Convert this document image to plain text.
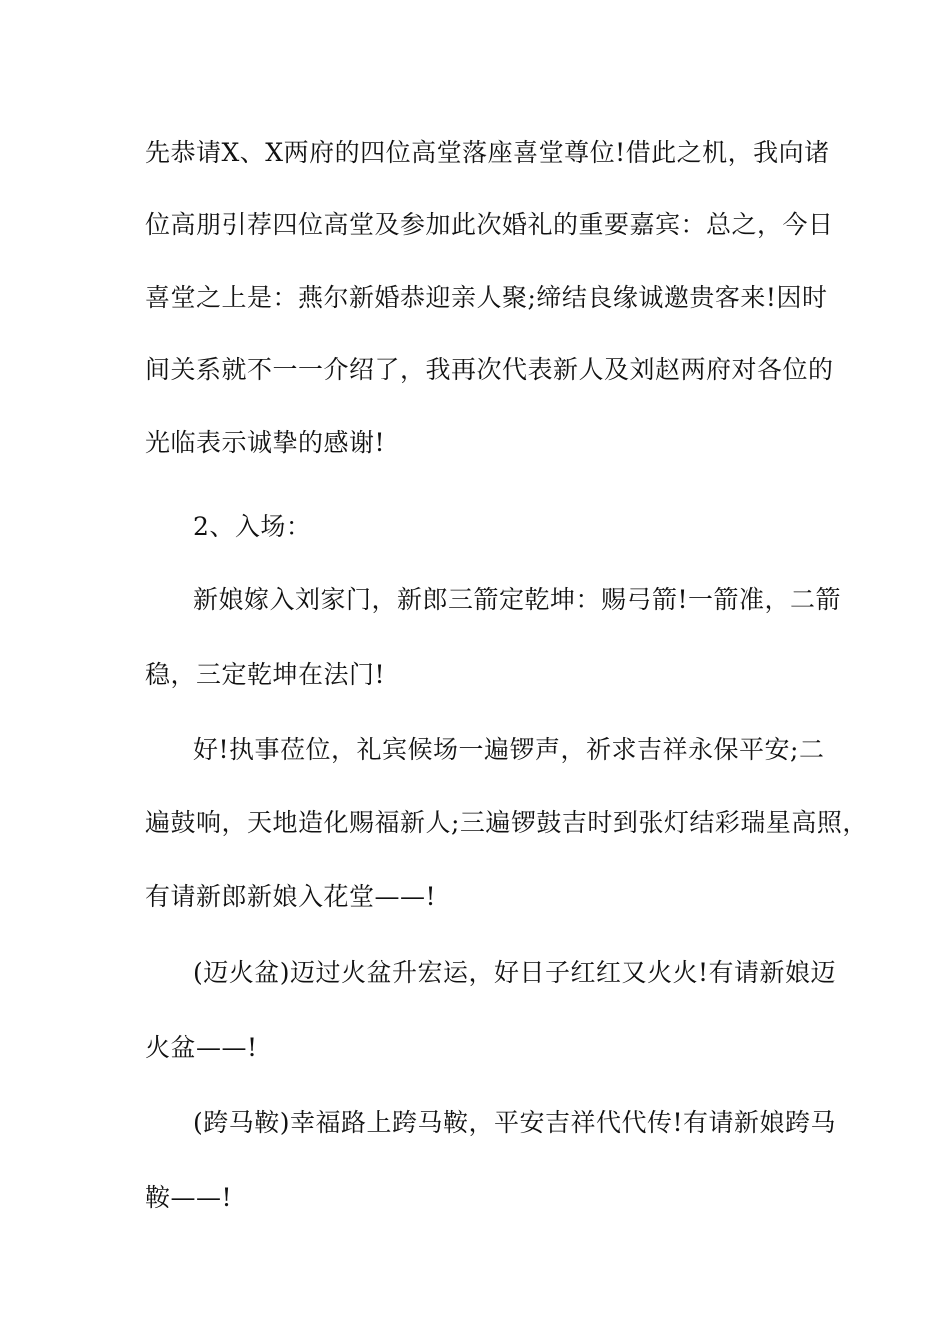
先恭请X、X两府的四位高堂落座喜堂尊位!借此之机，我向诸
位高朋引荐四位高堂及参加此次婚礼的重要嘉宾：总之，今日
喜堂之上是：燕尔新婚恭迎亲人聚;缔结良缘诚邀贵客来!因时
间关系就不一一介绍了，我再次代表新人及刘赵两府对各位的
光临表示诚挚的感谢!
2、入场：
新娘嫁入刘家门，新郎三箭定乾坤：赐弓箭!一箭准，二箭
稳，三定乾坤在法门!
好!执事莅位，礼宾候场一遍锣声，祈求吉祥永保平安;二
遍鼓响，天地造化赐福新人;三遍锣鼓吉时到张灯结彩瑞星高照，
有请新郎新娘入花堂——!
(迈火盆)迈过火盆升宏运，好日子红红又火火!有请新娘迈
火盆——!
(跨马鞍)幸福路上跨马鞍，平安吉祥代代传!有请新娘跨马
鞍——!
